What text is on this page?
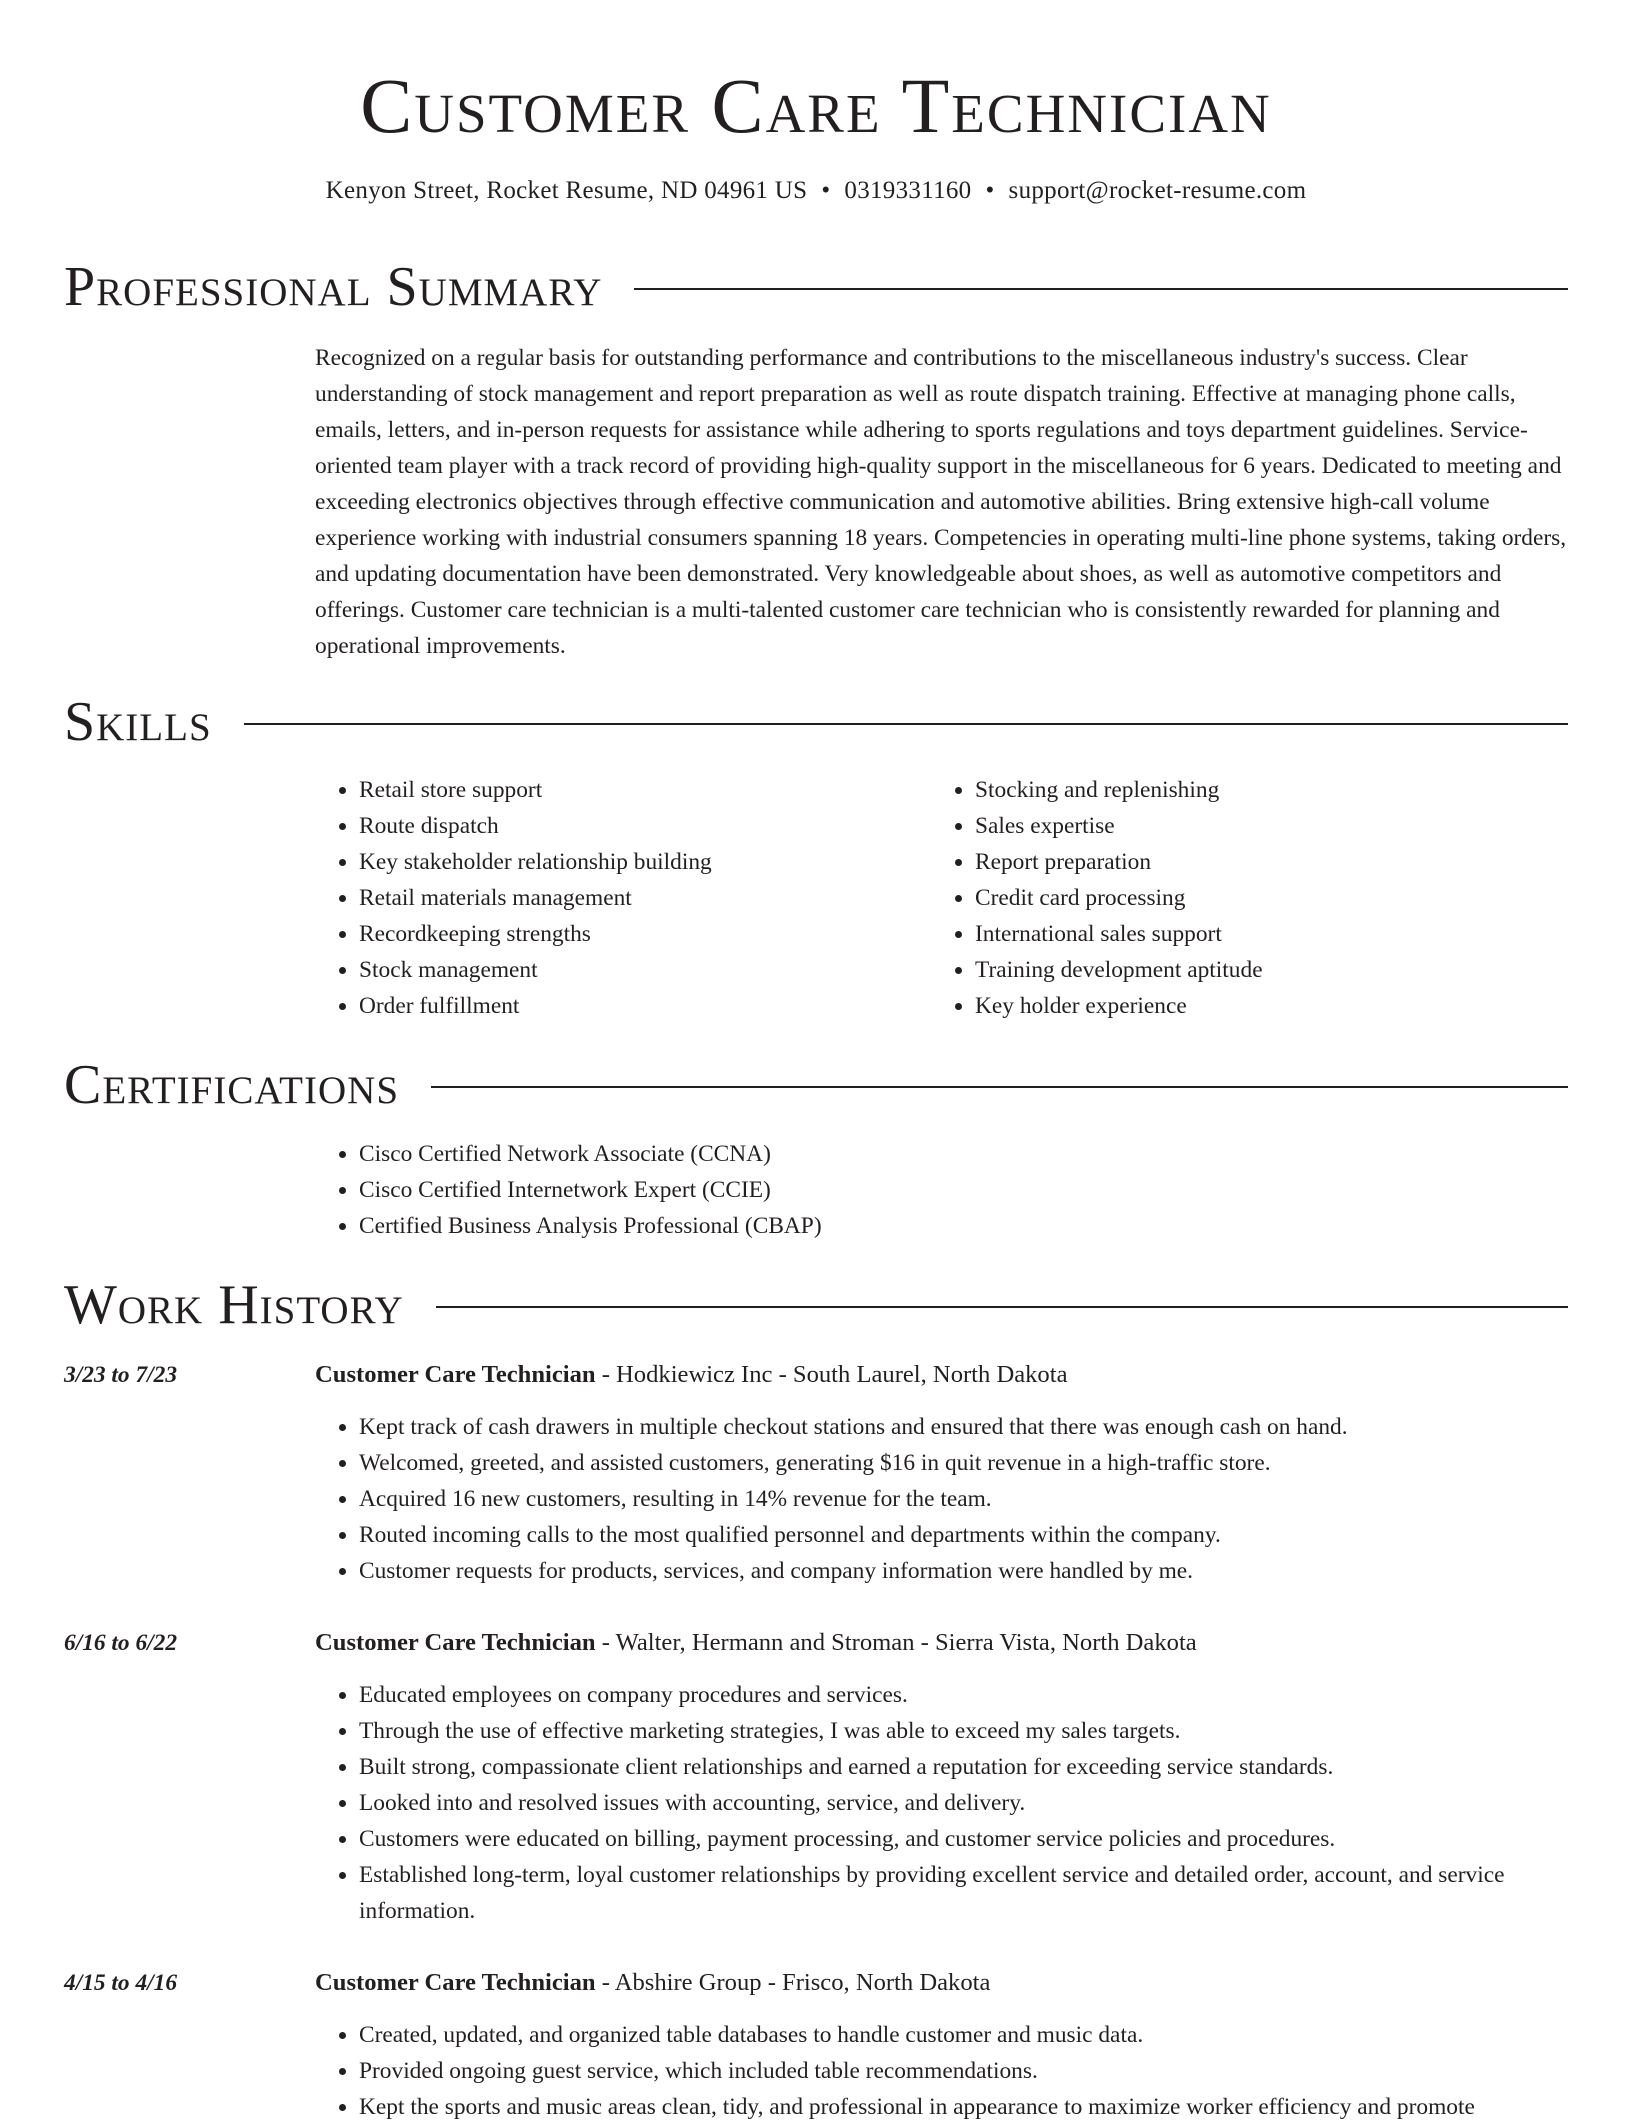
Customer Care Technician
Kenyon Street, Rocket Resume, ND 04961 US • 0319331160 • support@rocket-resume.com
Professional Summary

Recognized on a regular basis for outstanding performance and contributions to the miscellaneous industry's success. Clear understanding of stock management and report preparation as well as route dispatch training. Effective at managing phone calls, emails, letters, and in-person requests for assistance while adhering to sports regulations and toys department guidelines. Service-oriented team player with a track record of providing high-quality support in the miscellaneous for 6 years. Dedicated to meeting and exceeding electronics objectives through effective communication and automotive abilities. Bring extensive high-call volume experience working with industrial consumers spanning 18 years. Competencies in operating multi-line phone systems, taking orders, and updating documentation have been demonstrated. Very knowledgeable about shoes, as well as automotive competitors and offerings. Customer care technician is a multi-talented customer care technician who is consistently rewarded for planning and operational improvements.

Skills
• Retail store support
• Route dispatch
• Key stakeholder relationship building
• Retail materials management
• Recordkeeping strengths
• Stock management
• Order fulfillment
• Stocking and replenishing
• Sales expertise
• Report preparation
• Credit card processing
• International sales support
• Training development aptitude
• Key holder experience
Certifications
• Cisco Certified Network Associate (CCNA)
• Cisco Certified Internetwork Expert (CCIE)
• Certified Business Analysis Professional (CBAP)
Work History
3/23 to 7/23	Customer Care Technician - Hodkiewicz Inc - South Laurel, North Dakota
• Kept track of cash drawers in multiple checkout stations and ensured that there was enough cash on hand.
• Welcomed, greeted, and assisted customers, generating $16 in quit revenue in a high-traffic store.
• Acquired 16 new customers, resulting in 14% revenue for the team.
• Routed incoming calls to the most qualified personnel and departments within the company.
• Customer requests for products, services, and company information were handled by me.
6/16 to 6/22	Customer Care Technician - Walter, Hermann and Stroman - Sierra Vista, North Dakota
• Educated employees on company procedures and services.
• Through the use of effective marketing strategies, I was able to exceed my sales targets.
• Built strong, compassionate client relationships and earned a reputation for exceeding service standards.
• Looked into and resolved issues with accounting, service, and delivery.
• Customers were educated on billing, payment processing, and customer service policies and procedures.
• Established long-term, loyal customer relationships by providing excellent service and detailed order, account, and service information.
4/15 to 4/16	Customer Care Technician - Abshire Group - Frisco, North Dakota
• Created, updated, and organized table databases to handle customer and music data.
• Provided ongoing guest service, which included table recommendations.
• Kept the sports and music areas clean, tidy, and professional in appearance to maximize worker efficiency and promote
